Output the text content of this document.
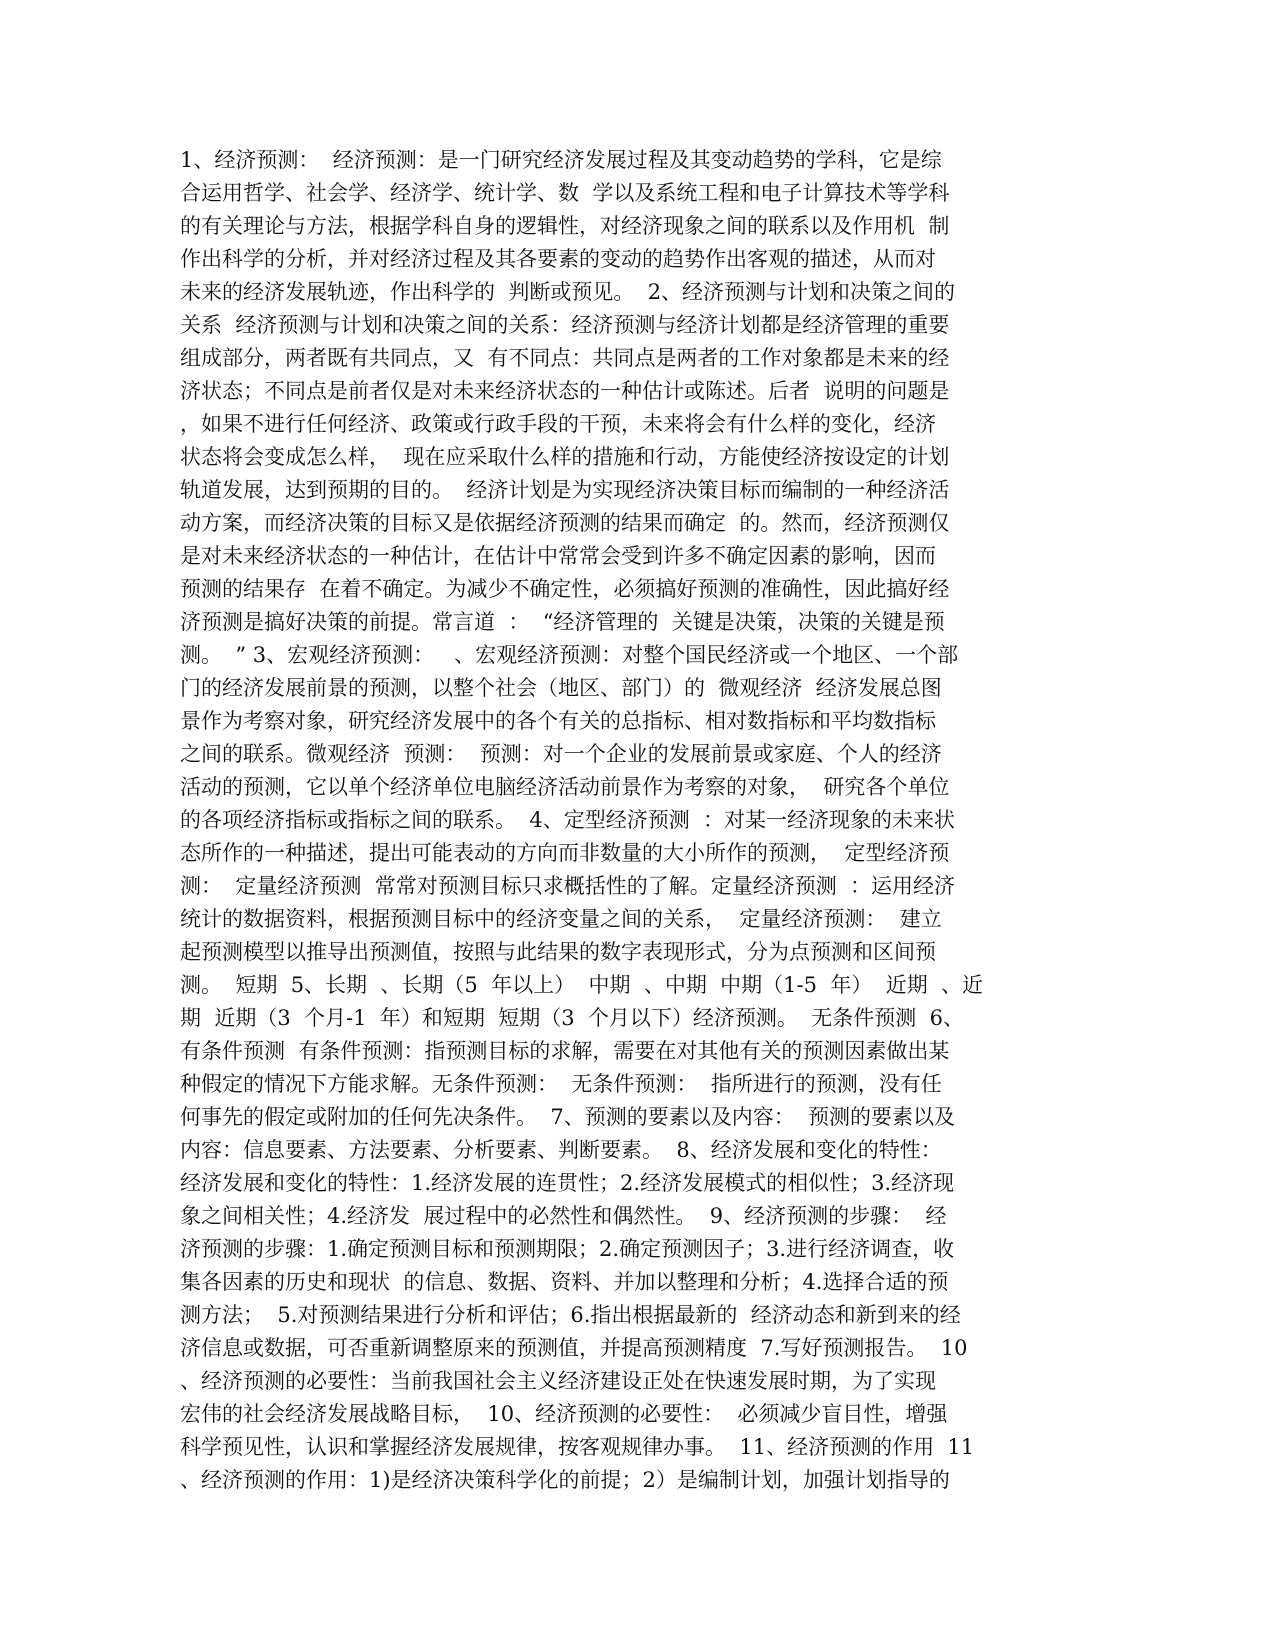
1、经济预测：  经济预测：是一门研究经济发展过程及其变动趋势的学科，它是综
合运用哲学、社会学、经济学、统计学、数  学以及系统工程和电子计算技术等学科
的有关理论与方法，根据学科自身的逻辑性，对经济现象之间的联系以及作用机  制
作出科学的分析，并对经济过程及其各要素的变动的趋势作出客观的描述，从而对
未来的经济发展轨迹，作出科学的  判断或预见。  2、经济预测与计划和决策之间的
关系  经济预测与计划和决策之间的关系：经济预测与经济计划都是经济管理的重要
组成部分，两者既有共同点，又  有不同点：共同点是两者的工作对象都是未来的经
济状态；不同点是前者仅是对未来经济状态的一种估计或陈述。后者  说明的问题是
，如果不进行任何经济、政策或行政手段的干预，未来将会有什么样的变化，经济
状态将会变成怎么样，  现在应采取什么样的措施和行动，方能使经济按设定的计划
轨道发展，达到预期的目的。  经济计划是为实现经济决策目标而编制的一种经济活
动方案，而经济决策的目标又是依据经济预测的结果而确定  的。然而，经济预测仅
是对未来经济状态的一种估计，在估计中常常会受到许多不确定因素的影响，因而
预测的结果存  在着不确定。为减少不确定性，必须搞好预测的准确性，因此搞好经
济预测是搞好决策的前提。常言道  ：  “经济管理的  关键是决策，决策的关键是预
测。  ” 3、宏观经济预测：   、宏观经济预测：对整个国民经济或一个地区、一个部
门的经济发展前景的预测，以整个社会（地区、部门）的  微观经济  经济发展总图
景作为考察对象，研究经济发展中的各个有关的总指标、相对数指标和平均数指标
之间的联系。微观经济  预测：  预测：对一个企业的发展前景或家庭、个人的经济
活动的预测，它以单个经济单位电脑经济活动前景作为考察的对象，  研究各个单位
的各项经济指标或指标之间的联系。  4、定型经济预测  ：对某一经济现象的未来状
态所作的一种描述，提出可能表动的方向而非数量的大小所作的预测，  定型经济预
测：  定量经济预测  常常对预测目标只求概括性的了解。定量经济预测  ：运用经济
统计的数据资料，根据预测目标中的经济变量之间的关系，  定量经济预测：  建立
起预测模型以推导出预测值，按照与此结果的数字表现形式，分为点预测和区间预
测。  短期  5、长期  、长期（5  年以上）  中期  、中期  中期（1-5  年）  近期  、近
期  近期（3  个月-1  年）和短期  短期（3  个月以下）经济预测。  无条件预测  6、
有条件预测  有条件预测：指预测目标的求解，需要在对其他有关的预测因素做出某
种假定的情况下方能求解。无条件预测：  无条件预测：  指所进行的预测，没有任
何事先的假定或附加的任何先决条件。  7、预测的要素以及内容：  预测的要素以及
内容：信息要素、方法要素、分析要素、判断要素。  8、经济发展和变化的特性：
经济发展和变化的特性：1.经济发展的连贯性；2.经济发展模式的相似性；3.经济现
象之间相关性；4.经济发  展过程中的必然性和偶然性。  9、经济预测的步骤：  经
济预测的步骤：1.确定预测目标和预测期限；2.确定预测因子；3.进行经济调查，收
集各因素的历史和现状  的信息、数据、资料、并加以整理和分析；4.选择合适的预
测方法；  5.对预测结果进行分析和评估；6.指出根据最新的  经济动态和新到来的经
济信息或数据，可否重新调整原来的预测值，并提高预测精度  7.写好预测报告。  10
、经济预测的必要性：当前我国社会主义经济建设正处在快速发展时期，为了实现
宏伟的社会经济发展战略目标，  10、经济预测的必要性：  必须减少盲目性，增强
科学预见性，认识和掌握经济发展规律，按客观规律办事。  11、经济预测的作用  11
、经济预测的作用：1)是经济决策科学化的前提；2）是编制计划，加强计划指导的
